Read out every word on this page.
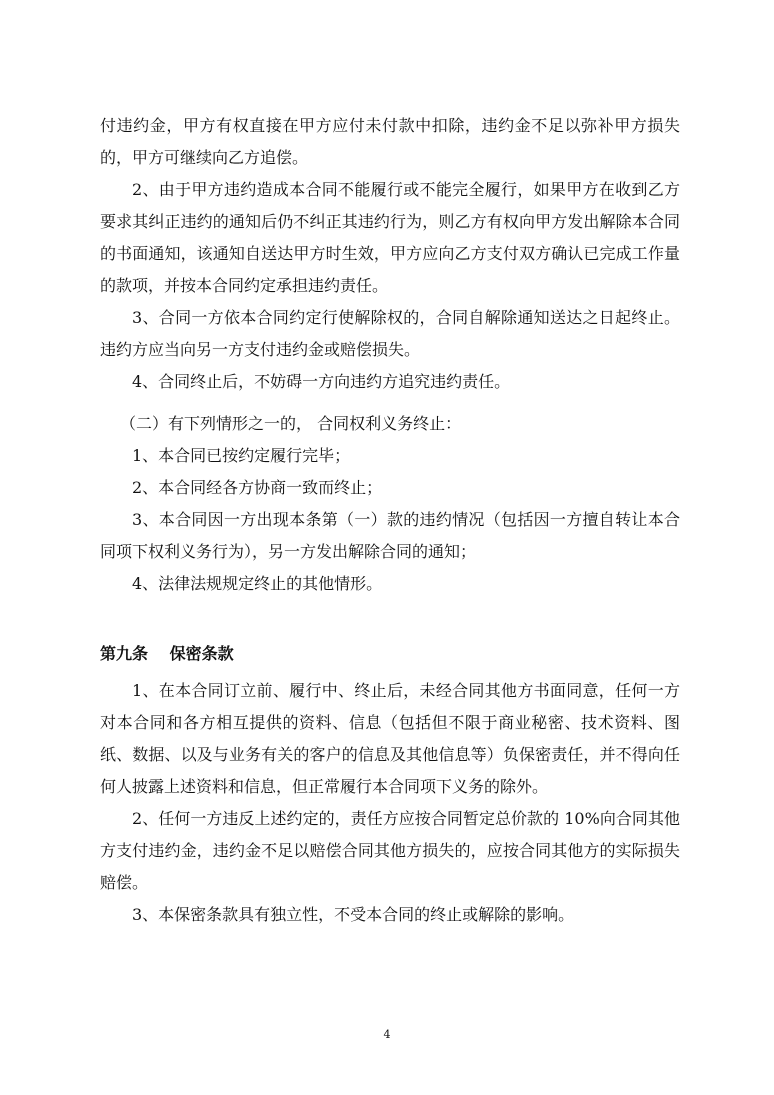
付违约金，甲方有权直接在甲方应付未付款中扣除，违约金不足以弥补甲方损失的，甲方可继续向乙方追偿。

2、由于甲方违约造成本合同不能履行或不能完全履行，如果甲方在收到乙方要求其纠正违约的通知后仍不纠正其违约行为，则乙方有权向甲方发出解除本合同的书面通知，该通知自送达甲方时生效，甲方应向乙方支付双方确认已完成工作量的款项，并按本合同约定承担违约责任。

3、合同一方依本合同约定行使解除权的，合同自解除通知送达之日起终止。违约方应当向另一方支付违约金或赔偿损失。

4、合同终止后，不妨碍一方向违约方追究违约责任。

（二）有下列情形之一的， 合同权利义务终止：

1、本合同已按约定履行完毕；

2、本合同经各方协商一致而终止；

3、本合同因一方出现本条第（一）款的违约情况（包括因一方擅自转让本合同项下权利义务行为），另一方发出解除合同的通知；

4、法律法规规定终止的其他情形。

第九条　 保密条款

1、在本合同订立前、履行中、终止后，未经合同其他方书面同意，任何一方对本合同和各方相互提供的资料、信息（包括但不限于商业秘密、技术资料、图纸、数据、以及与业务有关的客户的信息及其他信息等）负保密责任，并不得向任何人披露上述资料和信息，但正常履行本合同项下义务的除外。

2、任何一方违反上述约定的，责任方应按合同暂定总价款的 10%向合同其他方支付违约金，违约金不足以赔偿合同其他方损失的，应按合同其他方的实际损失赔偿。

3、本保密条款具有独立性，不受本合同的终止或解除的影响。

4
